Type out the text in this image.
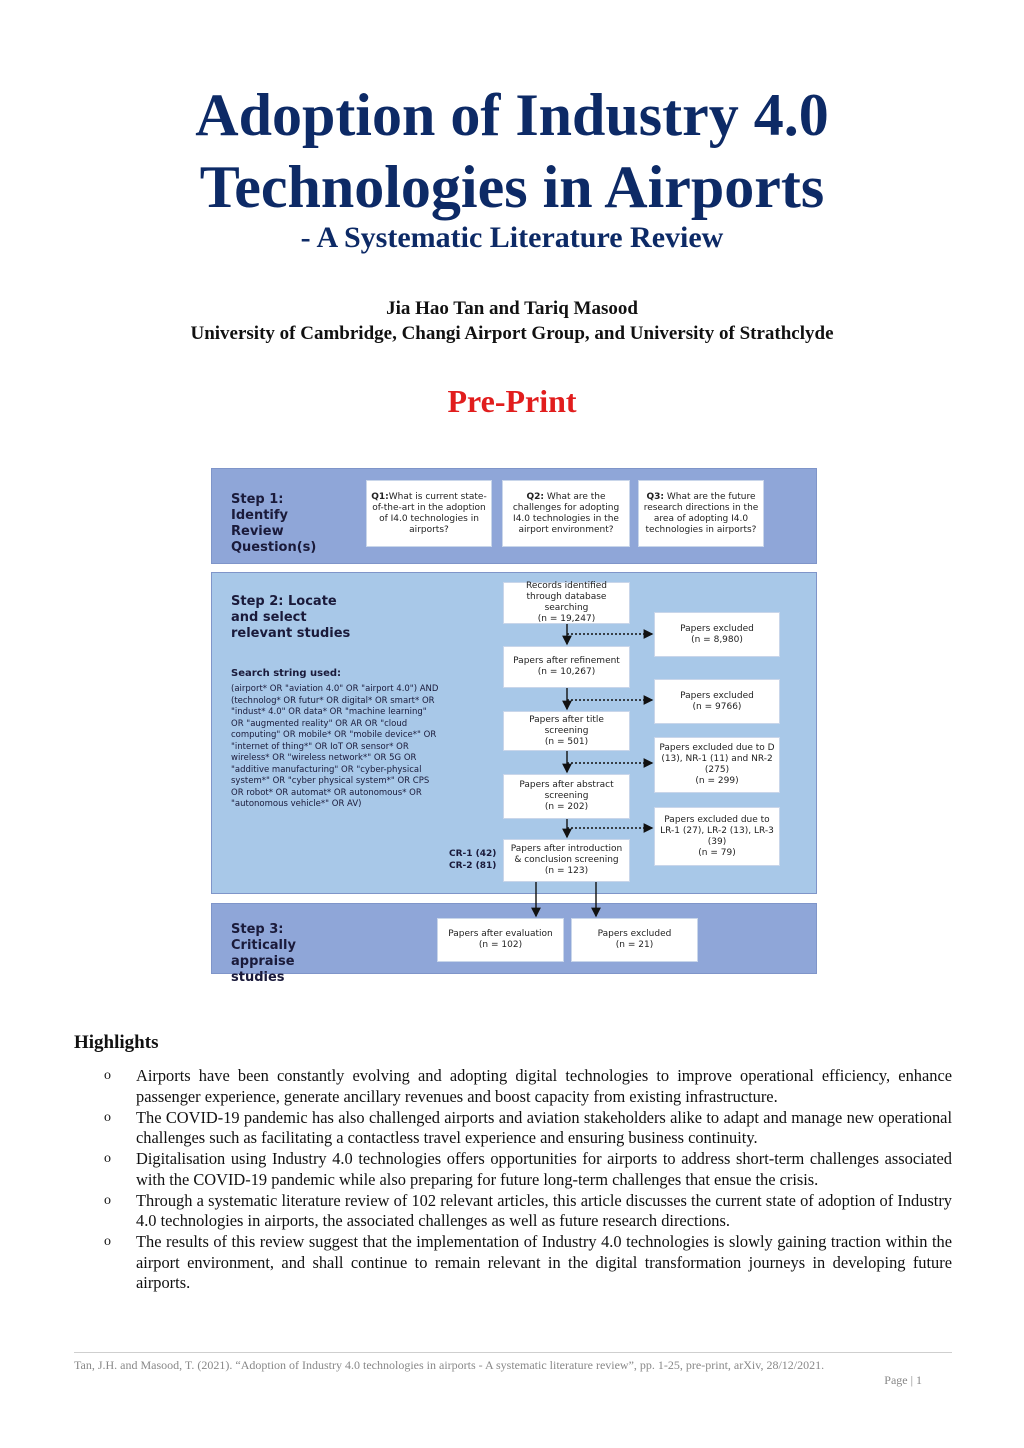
Adoption of Industry 4.0
Technologies in Airports
- A Systematic Literature Review
Jia Hao Tan and Tariq Masood
University of Cambridge, Changi Airport Group, and University of Strathclyde
Pre-Print
Step 1: Identify Review Question(s)
Q1:What is current state-of-the-art in the adoption of I4.0 technologies in airports?
Q2: What are the challenges for adopting I4.0 technologies in the airport environment?
Q3: What are the future research directions in the area of adopting I4.0 technologies in airports?
Step 2: Locate and select relevant studies
Search string used:
(airport* OR "aviation 4.0" OR "airport 4.0") AND (technolog* OR futur* OR digital* OR smart* OR "indust* 4.0" OR data* OR "machine learning" OR "augmented reality" OR AR OR "cloud computing" OR mobile* OR "mobile device*" OR "internet of thing*" OR IoT OR sensor* OR wireless* OR "wireless network*" OR 5G OR "additive manufacturing" OR "cyber-physical system*" OR "cyber physical system*" OR CPS OR robot* OR automat* OR autonomous* OR "autonomous vehicle*" OR AV)
CR-1 (42)
CR-2 (81)
Records identified through database searching
(n = 19,247)
Papers after refinement
(n = 10,267)
Papers after title screening
(n = 501)
Papers after abstract screening
(n = 202)
Papers after introduction & conclusion screening
(n = 123)
Papers excluded
(n = 8,980)
Papers excluded
(n = 9766)
Papers excluded due to D (13), NR-1 (11) and NR-2 (275)
(n = 299)
Papers excluded due to LR-1 (27), LR-2 (13), LR-3 (39)
(n = 79)
Step 3: Critically appraise studies
Papers after evaluation
(n = 102)
Papers excluded
(n = 21)
Highlights
o Airports have been constantly evolving and adopting digital technologies to improve operational efficiency, enhance passenger experience, generate ancillary revenues and boost capacity from existing infrastructure.
o The COVID-19 pandemic has also challenged airports and aviation stakeholders alike to adapt and manage new operational challenges such as facilitating a contactless travel experience and ensuring business continuity.
o Digitalisation using Industry 4.0 technologies offers opportunities for airports to address short-term challenges associated with the COVID-19 pandemic while also preparing for future long-term challenges that ensue the crisis.
o Through a systematic literature review of 102 relevant articles, this article discusses the current state of adoption of Industry 4.0 technologies in airports, the associated challenges as well as future research directions.
o The results of this review suggest that the implementation of Industry 4.0 technologies is slowly gaining traction within the airport environment, and shall continue to remain relevant in the digital transformation journeys in developing future airports.
Tan, J.H. and Masood, T. (2021). “Adoption of Industry 4.0 technologies in airports - A systematic literature review”, pp. 1-25, pre-print, arXiv, 28/12/2021.
Page | 1
